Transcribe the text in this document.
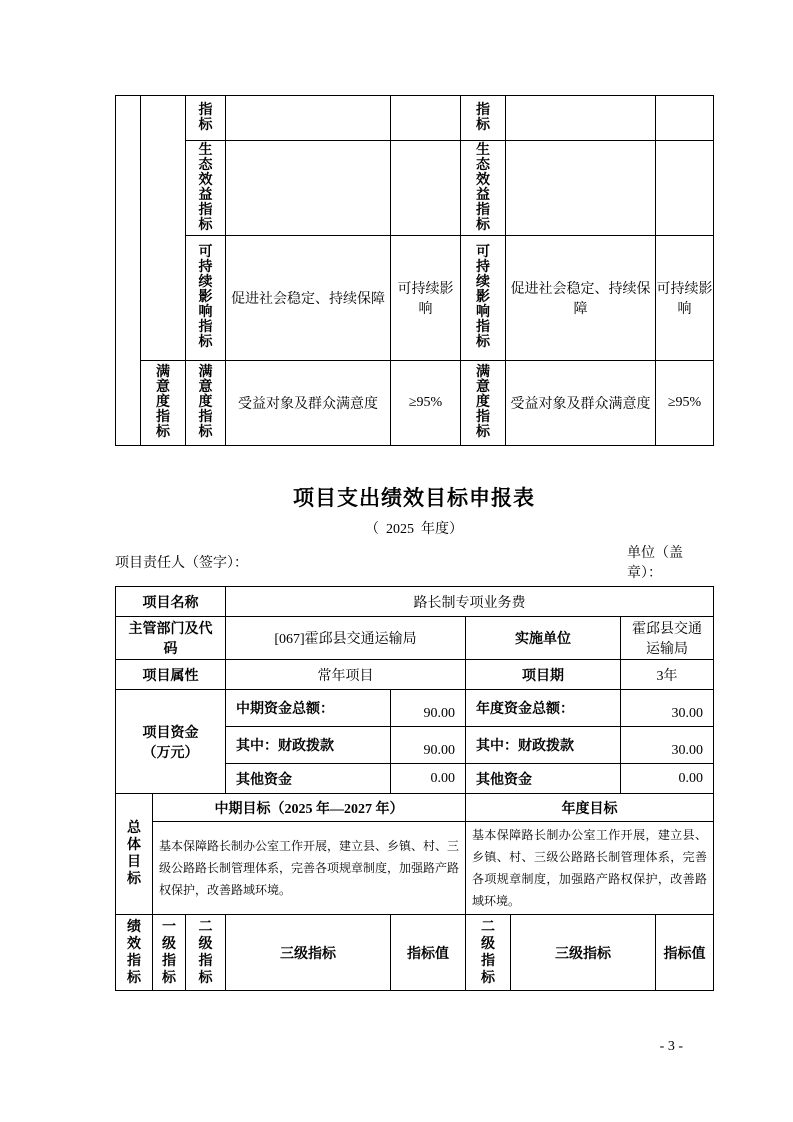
		指标			指标		
		生态效益指标			生态效益指标		
		可持续影响指标	促进社会稳定、持续保障	可持续影响	可持续影响指标	促进社会稳定、持续保障	可持续影响
	满意度指标	满意度指标	受益对象及群众满意度	≥95%	满意度指标	受益对象及群众满意度	≥95%
项目支出绩效目标申报表
（  2025  年度）
项目责任人（签字）：
单位（盖章）：
项目名称			路长制专项业务费					
主管部门及代码			[067]霍邱县交通运输局		实施单位		霍邱县交通运输局	
项目属性			常年项目		项目期		3年	
项目资金（万元）			中期资金总额：	90.00	年度资金总额：		30.00	
			其中：财政拨款	90.00	其中：财政拨款		30.00	
			其他资金	0.00	其他资金		0.00	
总体目标	中期目标（2025 年—2027 年）				年度目标			
	基本保障路长制办公室工作开展，建立县、乡镇、村、三级公路路长制管理体系，完善各项规章制度，加强路产路权保护，改善路域环境。				基本保障路长制办公室工作开展，建立县、乡镇、村、三级公路路长制管理体系，完善各项规章制度，加强路产路权保护，改善路域环境。			
绩效指标	一级指标	二级指标	三级指标	指标值	二级指标	三级指标		指标值
- 3 -
